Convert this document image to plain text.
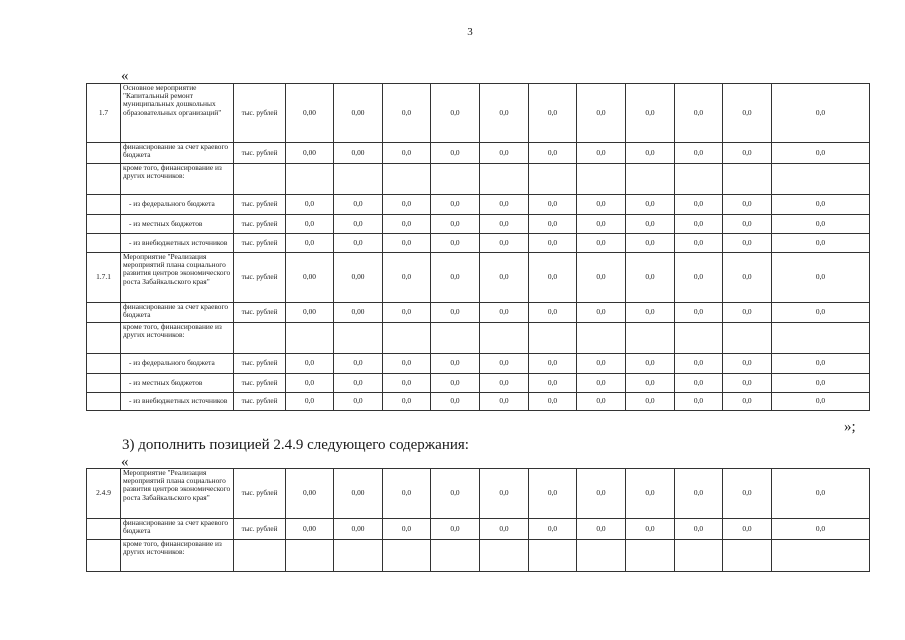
3
«
1.7	Основное мероприятие "Капитальный ремонт муниципальных дошкольных образовательных организаций"	тыс. рублей	0,00	0,00	0,0	0,0	0,0	0,0	0,0	0,0	0,0	0,0	0,0	
	финансирование за счет краевого бюджета	тыс. рублей	0,00	0,00	0,0	0,0	0,0	0,0	0,0	0,0	0,0	0,0	0,0	
	кроме того, финансирование из других источников:													
	- из федерального бюджета	тыс. рублей	0,0	0,0	0,0	0,0	0,0	0,0	0,0	0,0	0,0	0,0	0,0	
	- из местных бюджетов	тыс. рублей	0,0	0,0	0,0	0,0	0,0	0,0	0,0	0,0	0,0	0,0	0,0	
	- из внебюджетных источников	тыс. рублей	0,0	0,0	0,0	0,0	0,0	0,0	0,0	0,0	0,0	0,0	0,0	
1.7.1	Мероприятие "Реализация мероприятий плана социального развития центров экономического роста Забайкальского края"	тыс. рублей	0,00	0,00	0,0	0,0	0,0	0,0	0,0	0,0	0,0	0,0	0,0	
	финансирование за счет краевого бюджета	тыс. рублей	0,00	0,00	0,0	0,0	0,0	0,0	0,0	0,0	0,0	0,0	0,0	
	кроме того, финансирование из других источников:													
	- из федерального бюджета	тыс. рублей	0,0	0,0	0,0	0,0	0,0	0,0	0,0	0,0	0,0	0,0	0,0	
	- из местных бюджетов	тыс. рублей	0,0	0,0	0,0	0,0	0,0	0,0	0,0	0,0	0,0	0,0	0,0	
	- из внебюджетных источников	тыс. рублей	0,0	0,0	0,0	0,0	0,0	0,0	0,0	0,0	0,0	0,0	0,0	
»;
3) дополнить позицией 2.4.9 следующего содержания:
«
2.4.9	Мероприятие "Реализация мероприятий плана социального развития центров экономического роста Забайкальского края"	тыс. рублей	0,00	0,00	0,0	0,0	0,0	0,0	0,0	0,0	0,0	0,0	0,0	
	финансирование за счет краевого бюджета	тыс. рублей	0,00	0,00	0,0	0,0	0,0	0,0	0,0	0,0	0,0	0,0	0,0	
	кроме того, финансирование из других источников:													
